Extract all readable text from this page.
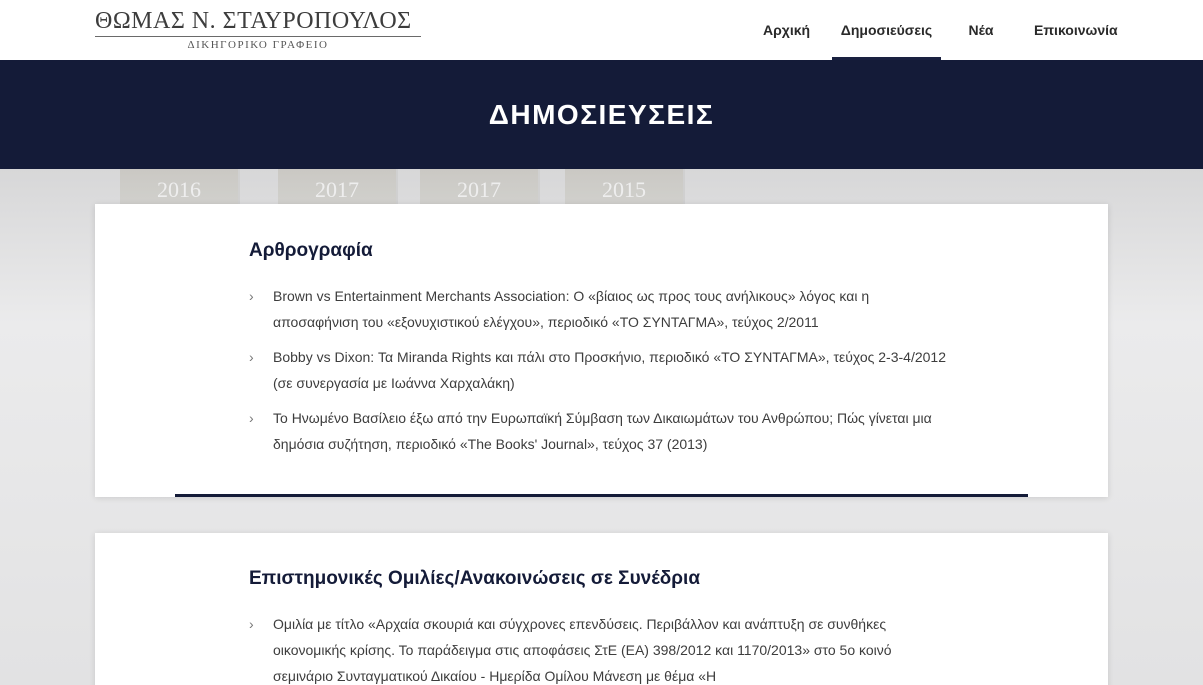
ΘΩΜΑΣ Ν. ΣΤΑΥΡΟΠΟΥΛΟΣ
ΔΙΚΗΓΟΡΙΚΟ ΓΡΑΦΕΙΟ
Αρχική	Δημοσιεύσεις	Νέα	Επικοινωνία
ΔΗΜΟΣΙΕΥΣΕΙΣ
2016	2017	2017	2015
Αρθρογραφία
› Brown vs Entertainment Merchants Association: O «βίαιος ως προς τους ανήλικους» λόγος και η αποσαφήνιση του «εξονυχιστικού ελέγχου», περιοδικό «ΤΟ ΣΥΝΤΑΓΜΑ», τεύχος 2/2011
› Bobby vs Dixon: Τα Miranda Rights και πάλι στο Προσκήνιο, περιοδικό «ΤΟ ΣΥΝΤΑΓΜΑ», τεύχος 2-3-4/2012 (σε συνεργασία με Ιωάννα Χαρχαλάκη)
› Το Ηνωμένο Βασίλειο έξω από την Ευρωπαϊκή Σύμβαση των Δικαιωμάτων του Ανθρώπου; Πώς γίνεται μια δημόσια συζήτηση, περιοδικό «The Books' Journal», τεύχος 37 (2013)
Επιστημονικές Ομιλίες/Ανακοινώσεις σε Συνέδρια
› Ομιλία με τίτλο «Αρχαία σκουριά και σύγχρονες επενδύσεις. Περιβάλλον και ανάπτυξη σε συνθήκες οικονομικής κρίσης. Το παράδειγμα στις αποφάσεις ΣτΕ (ΕΑ) 398/2012 και 1170/2013» στο 5ο κοινό σεμινάριο Συνταγματικού Δικαίου - Ημερίδα Ομίλου Μάνεση με θέμα «Η
